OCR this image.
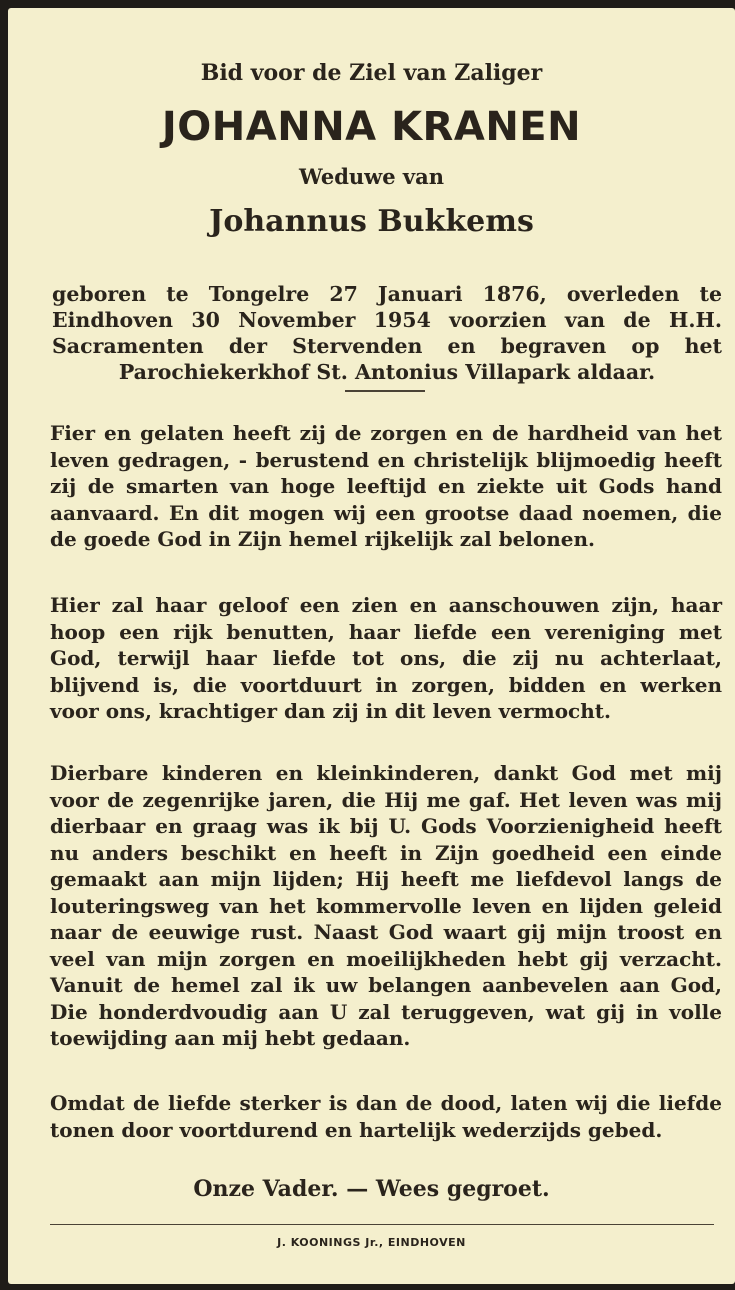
Bid voor de Ziel van Zaliger

JOHANNA KRANEN

Weduwe van

Johannus Bukkems

geboren te Tongelre 27 Januari 1876, overleden te Eindhoven 30 November 1954 voorzien van de H.H. Sacramenten der Stervenden en begraven op het Parochiekerkhof St. Antonius Villapark aldaar.

Fier en gelaten heeft zij de zorgen en de hardheid van het leven gedragen, - berustend en christelijk blijmoedig heeft zij de smarten van hoge leeftijd en ziekte uit Gods hand aanvaard. En dit mogen wij een grootse daad noemen, die de goede God in Zijn hemel rijkelijk zal belonen.

Hier zal haar geloof een zien en aanschouwen zijn, haar hoop een rijk benutten, haar liefde een vereniging met God, terwijl haar liefde tot ons, die zij nu achterlaat, blijvend is, die voortduurt in zorgen, bidden en werken voor ons, krachtiger dan zij in dit leven vermocht.

Dierbare kinderen en kleinkinderen, dankt God met mij voor de zegenrijke jaren, die Hij me gaf. Het leven was mij dierbaar en graag was ik bij U. Gods Voorzienigheid heeft nu anders beschikt en heeft in Zijn goedheid een einde gemaakt aan mijn lijden; Hij heeft me liefdevol langs de louteringsweg van het kommervolle leven en lijden geleid naar de eeuwige rust. Naast God waart gij mijn troost en veel van mijn zorgen en moeilijkheden hebt gij verzacht. Vanuit de hemel zal ik uw belangen aanbevelen aan God, Die honderdvoudig aan U zal teruggeven, wat gij in volle toewijding aan mij hebt gedaan.

Omdat de liefde sterker is dan de dood, laten wij die liefde tonen door voortdurend en hartelijk wederzijds gebed.

Onze Vader. — Wees gegroet.

J. KOONINGS Jr., EINDHOVEN
